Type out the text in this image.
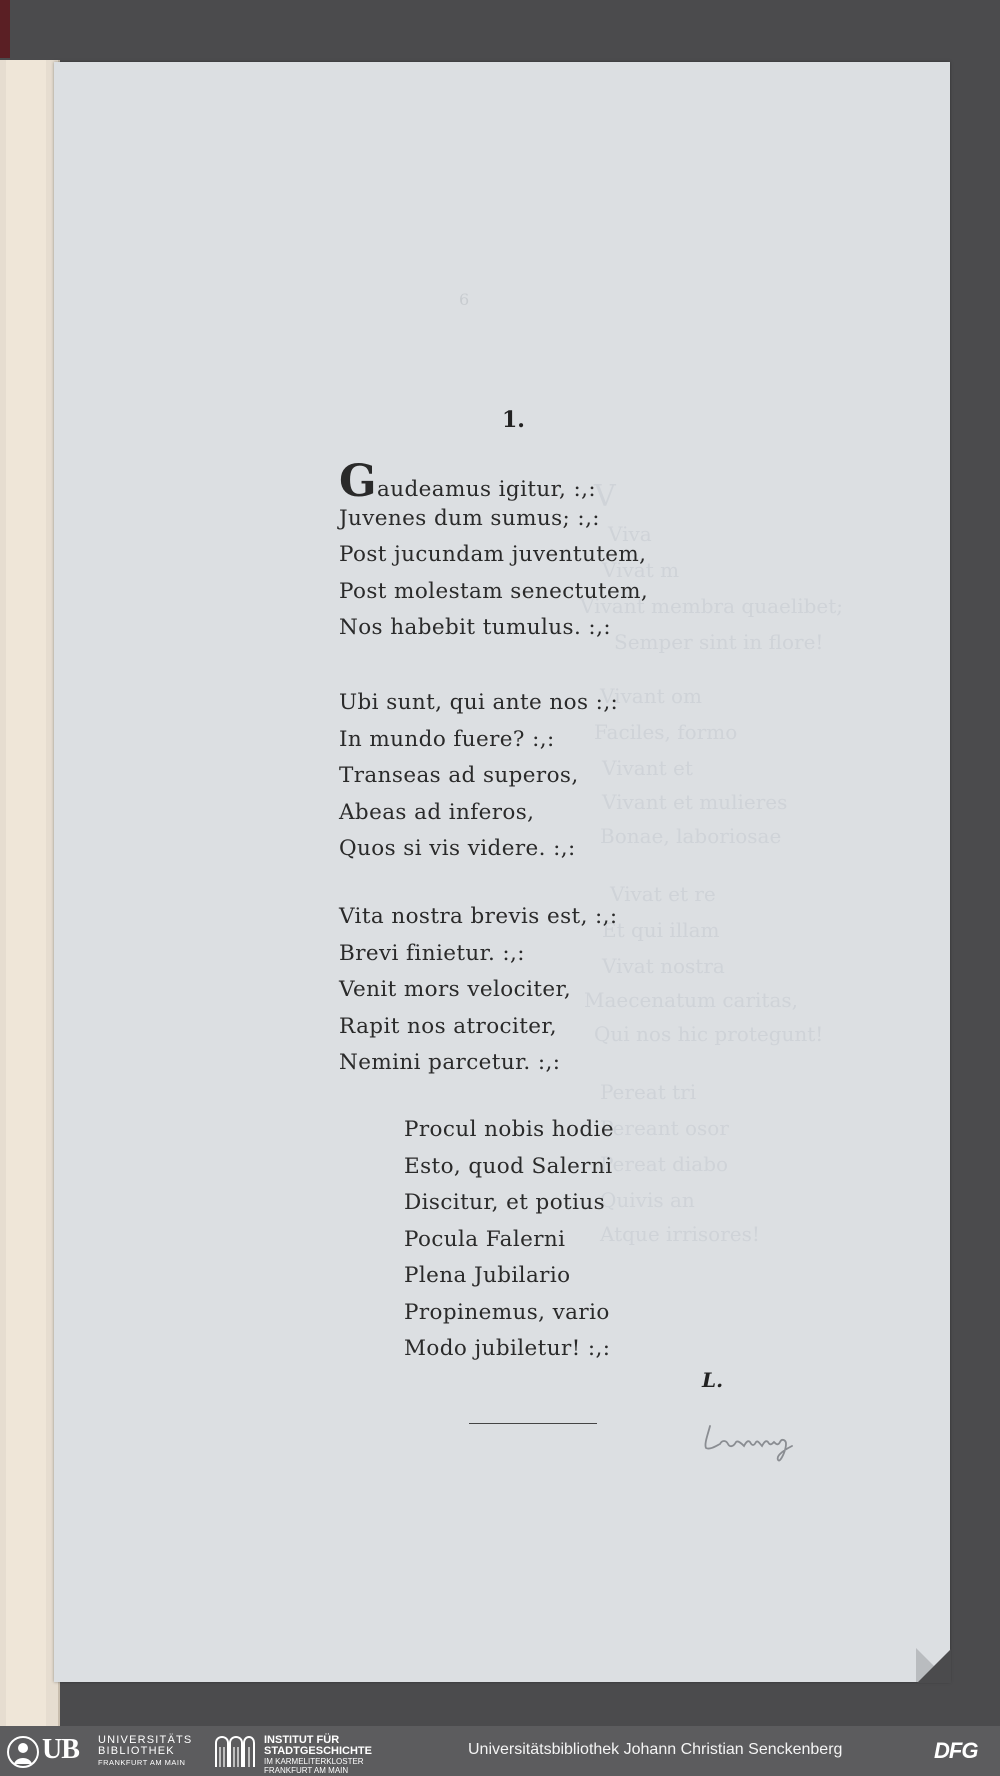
V
Viva
Vivat m
Vivant membra quaelibet;
Semper sint in flore!
Vivant om
Faciles, formo
Vivant et
Vivant et mulieres
Bonae, laboriosae
Vivat et re
Et qui illam
Vivat nostra
Maecenatum caritas,
Qui nos hic protegunt!
Pereat tri
Pereant osor
Pereat diabo
Quivis an
Atque irrisores!
6
1.
Gaudeamus igitur, :,:
Juvenes dum sumus; :,:
Post jucundam juventutem,
Post molestam senectutem,
Nos habebit tumulus. :,:
Ubi sunt, qui ante nos :,:
In mundo fuere? :,:
Transeas ad superos,
Abeas ad inferos,
Quos si vis videre. :,:
Vita nostra brevis est, :,:
Brevi finietur. :,:
Venit mors velociter,
Rapit nos atrociter,
Nemini parcetur. :,:
Procul nobis hodie
Esto, quod Salerni
Discitur, et potius
Pocula Falerni
Plena Jubilario
Propinemus, vario
Modo jubiletur! :,:
L.
UB UNIVERSITÄTS
BIBLIOTHEK
FRANKFURT AM MAIN
INSTITUT FÜR
STADTGESCHICHTE
IM KARMELITERKLOSTER
FRANKFURT AM MAIN
Universitätsbibliothek Johann Christian Senckenberg	DFG
